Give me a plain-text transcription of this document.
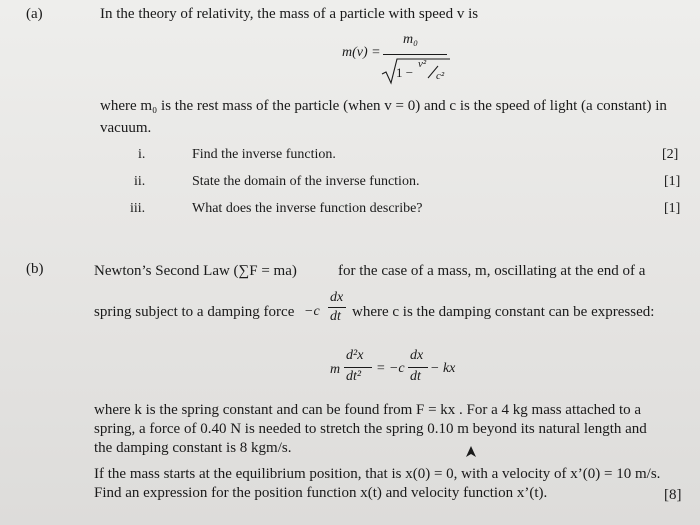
(a)	In the theory of relativity, the mass of a particle with speed v is
m(v) =
m₀
1 −
v²
c²
where m₀ is the rest mass of the particle (when v = 0) and c is the speed of light (a constant) in
vacuum.
i.	Find the inverse function.	[2]
ii.	State the domain of the inverse function.	[1]
iii.	What does the inverse function describe?	[1]
(b)	Newton’s Second Law (∑F = ma)	for the case of a mass, m, oscillating at the end of a
spring subject to a damping force −c
dx
dt where c is the damping constant can be expressed:
m
d²x
dt²
= −c
dx
dt
− kx
where k is the spring constant and can be found from F = kx . For a 4 kg mass attached to a
spring, a force of 0.40 N is needed to stretch the spring 0.10 m beyond its natural length and
the damping constant is 8 kgm/s.
If the mass starts at the equilibrium position, that is x(0) = 0, with a velocity of x’(0) = 10 m/s.
Find an expression for the position function x(t) and velocity function x’(t).	[8]
